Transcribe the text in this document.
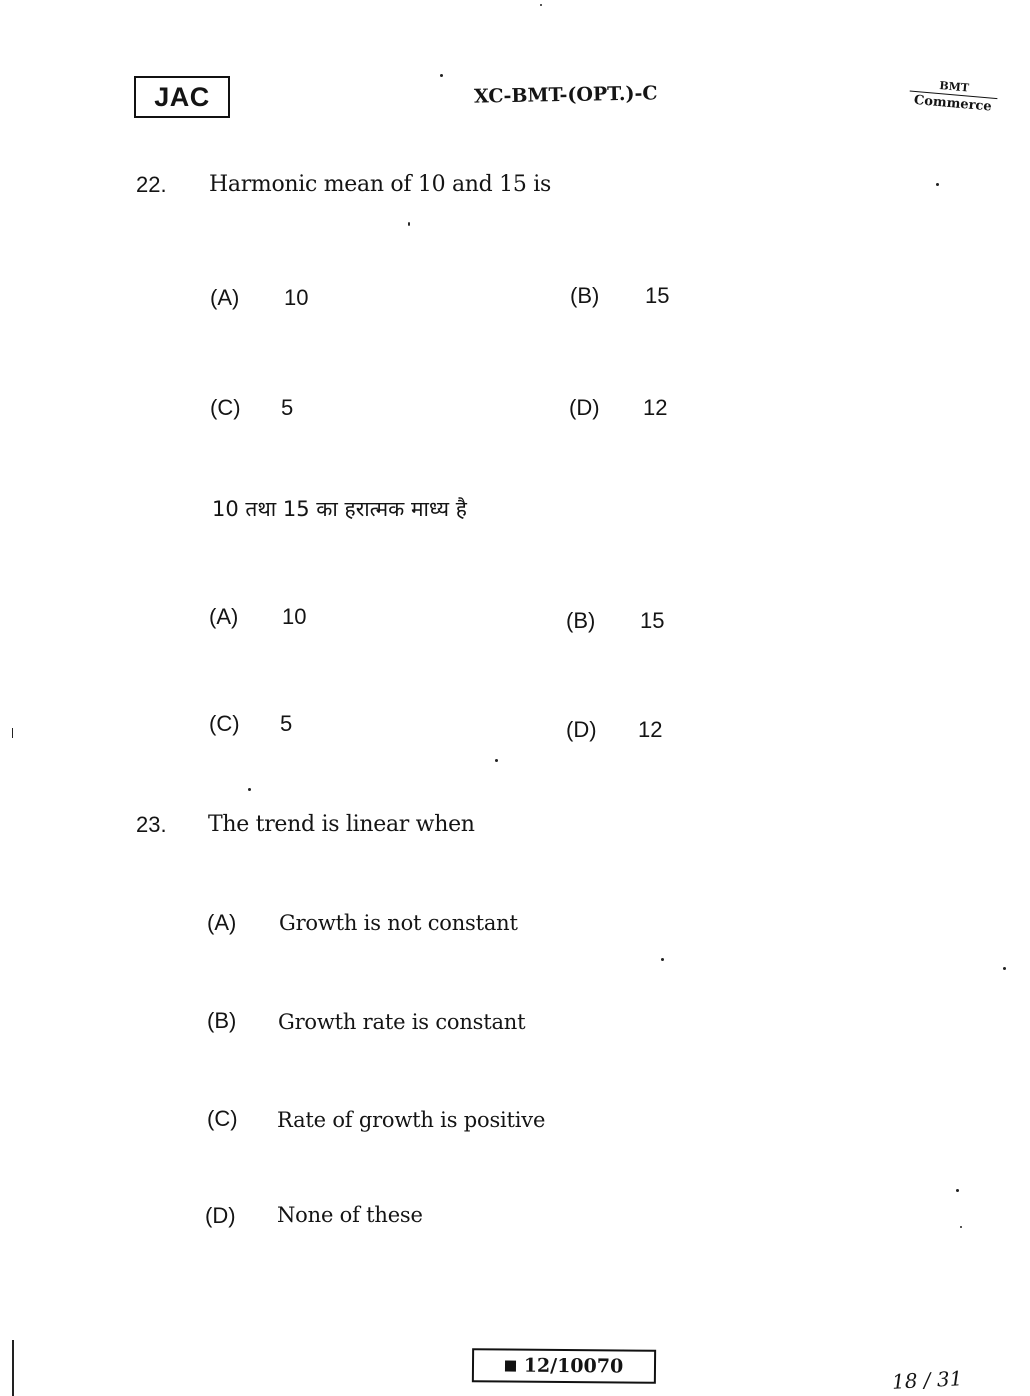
JAC	XC-BMT-(OPT.)-C	BMT
Commerce
22. Harmonic mean of 10 and 15 is
(A) 10	(B) 15
(C) 5	(D) 12
10 तथा 15 का हरात्मक माध्य है
(A) 10	(B) 15
(C) 5	(D) 12
23. The trend is linear when
(A) Growth is not constant
(B) Growth rate is constant
(C) Rate of growth is positive
(D) None of these
12/10070
18 / 31
